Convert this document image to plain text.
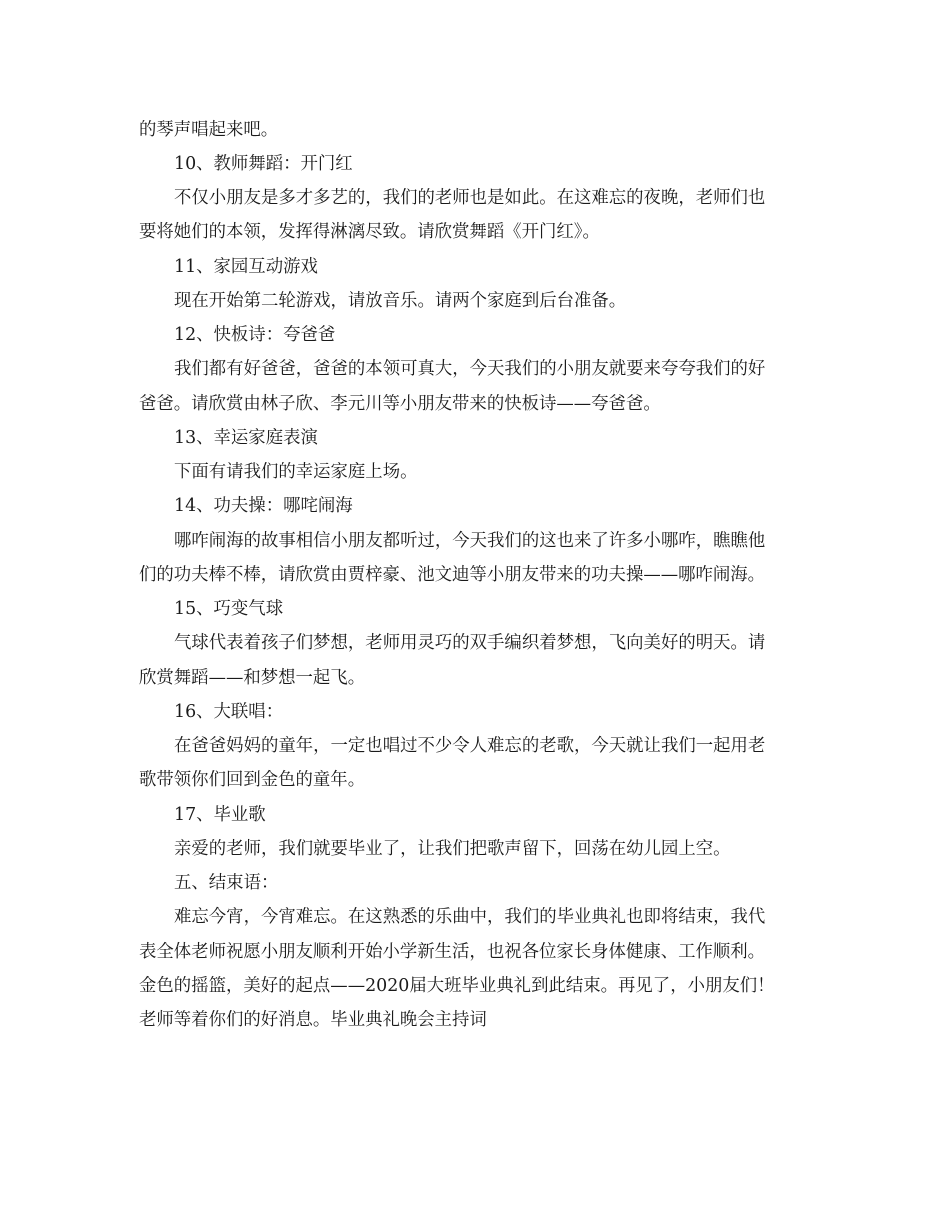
的琴声唱起来吧。
10、教师舞蹈：开门红
不仅小朋友是多才多艺的，我们的老师也是如此。在这难忘的夜晚，老师们也
要将她们的本领，发挥得淋漓尽致。请欣赏舞蹈《开门红》。
11、家园互动游戏
现在开始第二轮游戏，请放音乐。请两个家庭到后台准备。
12、快板诗：夸爸爸
我们都有好爸爸，爸爸的本领可真大，今天我们的小朋友就要来夸夸我们的好
爸爸。请欣赏由林子欣、李元川等小朋友带来的快板诗——夸爸爸。
13、幸运家庭表演
下面有请我们的幸运家庭上场。
14、功夫操：哪咤闹海
哪咋闹海的故事相信小朋友都听过，今天我们的这也来了许多小哪咋，瞧瞧他
们的功夫棒不棒，请欣赏由贾梓豪、池文迪等小朋友带来的功夫操——哪咋闹海。
15、巧变气球
气球代表着孩子们梦想，老师用灵巧的双手编织着梦想，飞向美好的明天。请
欣赏舞蹈——和梦想一起飞。
16、大联唱：
在爸爸妈妈的童年，一定也唱过不少令人难忘的老歌，今天就让我们一起用老
歌带领你们回到金色的童年。
17、毕业歌
亲爱的老师，我们就要毕业了，让我们把歌声留下，回荡在幼儿园上空。
五、结束语：
难忘今宵，今宵难忘。在这熟悉的乐曲中，我们的毕业典礼也即将结束，我代
表全体老师祝愿小朋友顺利开始小学新生活，也祝各位家长身体健康、工作顺利。
金色的摇篮，美好的起点——2020届大班毕业典礼到此结束。再见了，小朋友们！
老师等着你们的好消息。毕业典礼晚会主持词
